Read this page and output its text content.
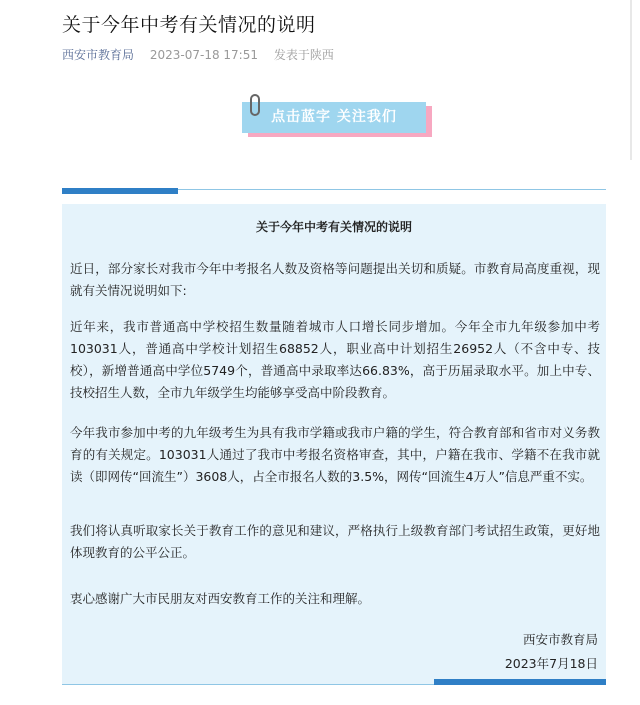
关于今年中考有关情况的说明
西安市教育局 2023-07-18 17:51 发表于陕西
点击蓝字 关注我们
关于今年中考有关情况的说明
近日，部分家长对我市今年中考报名人数及资格等问题提出关切和质疑。市教育局高度重视，现就有关情况说明如下:
近年来，我市普通高中学校招生数量随着城市人口增长同步增加。今年全市九年级参加中考103031人，普通高中学校计划招生68852人，职业高中计划招生26952人（不含中专、技校），新增普通高中学位5749个，普通高中录取率达66.83%，高于历届录取水平。加上中专、技校招生人数，全市九年级学生均能够享受高中阶段教育。
今年我市参加中考的九年级考生为具有我市学籍或我市户籍的学生，符合教育部和省市对义务教育的有关规定。103031人通过了我市中考报名资格审查，其中，户籍在我市、学籍不在我市就读（即网传“回流生”）3608人，占全市报名人数的3.5%，网传“回流生4万人”信息严重不实。
我们将认真听取家长关于教育工作的意见和建议，严格执行上级教育部门考试招生政策，更好地体现教育的公平公正。
衷心感谢广大市民朋友对西安教育工作的关注和理解。
西安市教育局
2023年7月18日
